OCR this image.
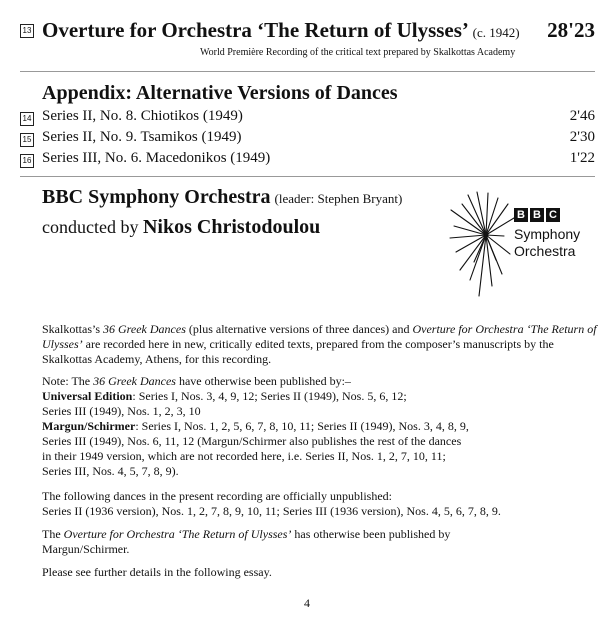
13 Overture for Orchestra ‘The Return of Ulysses’ (c. 1942) 28'23
World Première Recording of the critical text prepared by Skalkottas Academy
Appendix: Alternative Versions of Dances
14 Series II, No. 8. Chiotikos (1949)	2'46
15 Series II, No. 9. Tsamikos (1949)	2'30
16 Series III, No. 6. Macedonikos (1949)	1'22
BBC Symphony Orchestra (leader: Stephen Bryant)
conducted by Nikos Christodoulou
B B C
Symphony
Orchestra
Skalkottas’s 36 Greek Dances (plus alternative versions of three dances) and Overture for Orchestra ‘The Return of Ulysses’ are recorded here in new, critically edited texts, prepared from the composer’s manuscripts by the Skalkottas Academy, Athens, for this recording.

Note: The 36 Greek Dances have otherwise been published by:–

Universal Edition: Series I, Nos. 3, 4, 9, 12; Series II (1949), Nos. 5, 6, 12;

Series III (1949), Nos. 1, 2, 3, 10

Margun/Schirmer: Series I, Nos. 1, 2, 5, 6, 7, 8, 10, 11; Series II (1949), Nos. 3, 4, 8, 9,

Series III (1949), Nos. 6, 11, 12 (Margun/Schirmer also publishes the rest of the dances

in their 1949 version, which are not recorded here, i.e. Series II, Nos. 1, 2, 7, 10, 11;

Series III, Nos. 4, 5, 7, 8, 9).

The following dances in the present recording are officially unpublished:

Series II (1936 version), Nos. 1, 2, 7, 8, 9, 10, 11; Series III (1936 version), Nos. 4, 5, 6, 7, 8, 9.

The Overture for Orchestra ‘The Return of Ulysses’ has otherwise been published by

Margun/Schirmer.

Please see further details in the following essay.
4
